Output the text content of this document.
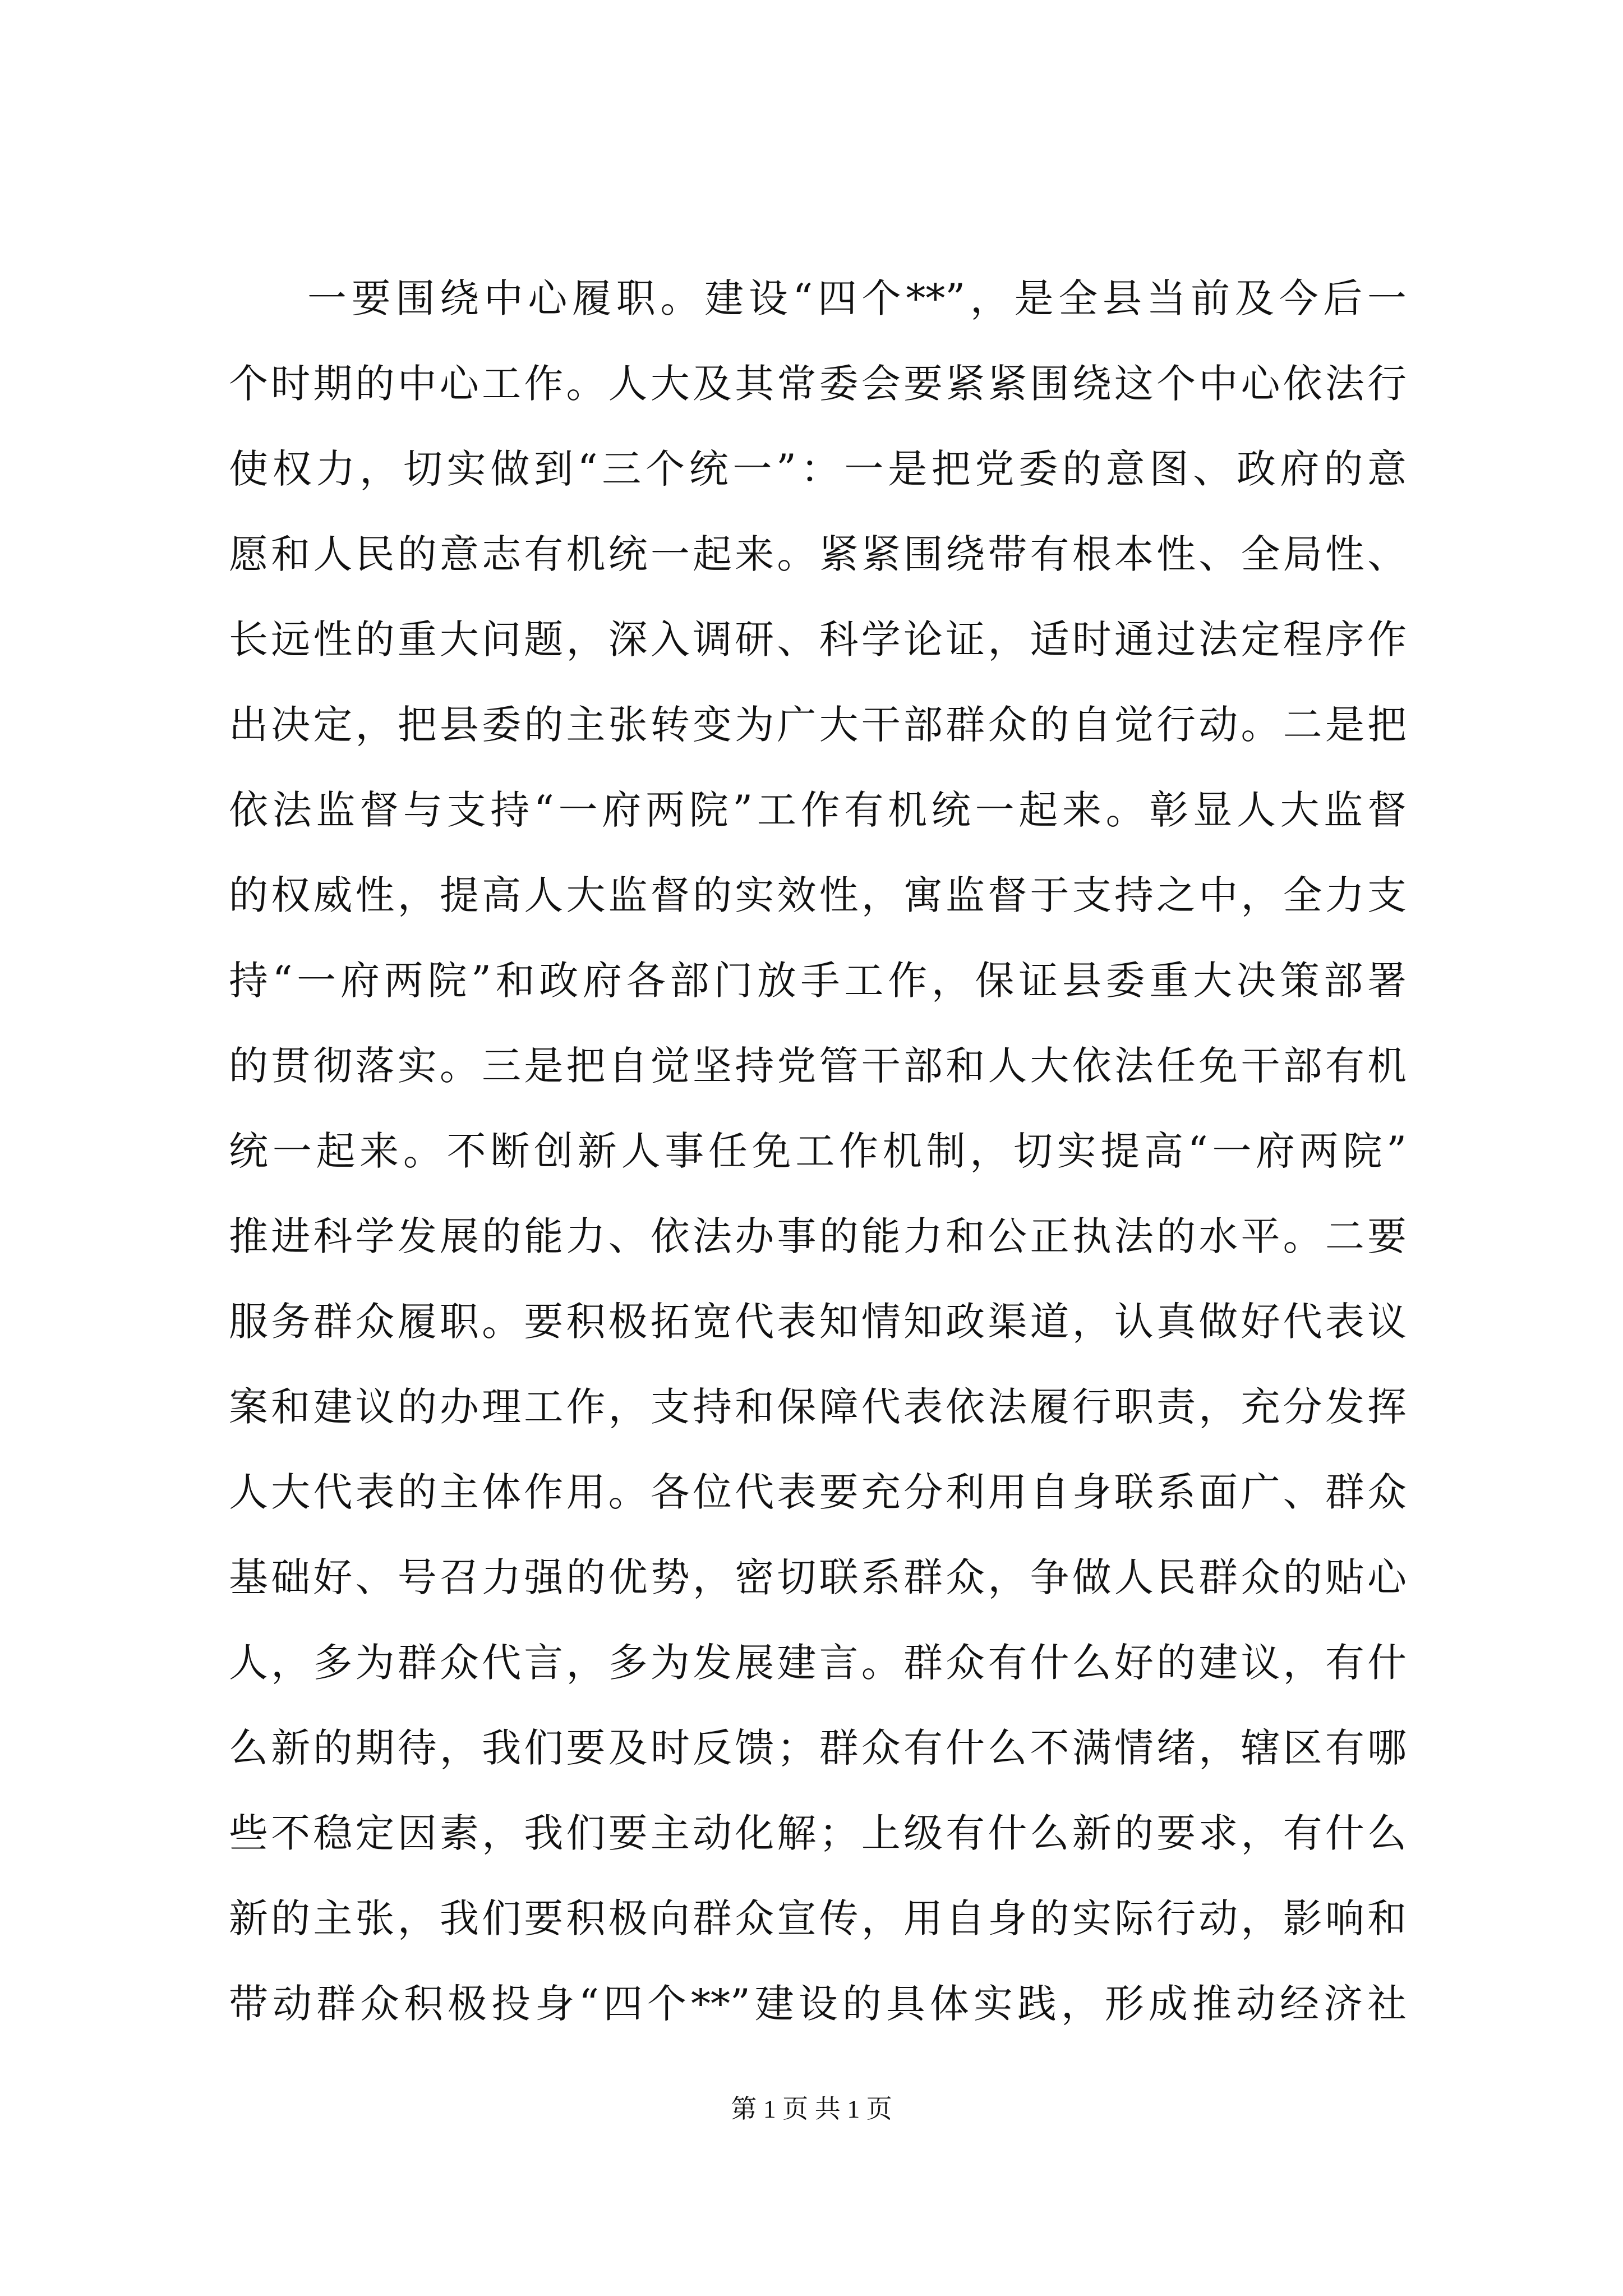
一要围绕中心履职。建设“四个**”，是全县当前及今后一
个时期的中心工作。人大及其常委会要紧紧围绕这个中心依法行
使权力，切实做到“三个统一”：一是把党委的意图、政府的意
愿和人民的意志有机统一起来。紧紧围绕带有根本性、全局性、
长远性的重大问题，深入调研、科学论证，适时通过法定程序作
出决定，把县委的主张转变为广大干部群众的自觉行动。二是把
依法监督与支持“一府两院”工作有机统一起来。彰显人大监督
的权威性，提高人大监督的实效性，寓监督于支持之中，全力支
持“一府两院”和政府各部门放手工作，保证县委重大决策部署
的贯彻落实。三是把自觉坚持党管干部和人大依法任免干部有机
统一起来。不断创新人事任免工作机制，切实提高“一府两院”
推进科学发展的能力、依法办事的能力和公正执法的水平。二要
服务群众履职。要积极拓宽代表知情知政渠道，认真做好代表议
案和建议的办理工作，支持和保障代表依法履行职责，充分发挥
人大代表的主体作用。各位代表要充分利用自身联系面广、群众
基础好、号召力强的优势，密切联系群众，争做人民群众的贴心
人，多为群众代言，多为发展建言。群众有什么好的建议，有什
么新的期待，我们要及时反馈；群众有什么不满情绪，辖区有哪
些不稳定因素，我们要主动化解；上级有什么新的要求，有什么
新的主张，我们要积极向群众宣传，用自身的实际行动，影响和
带动群众积极投身“四个**”建设的具体实践，形成推动经济社
第 1 页 共 1 页
